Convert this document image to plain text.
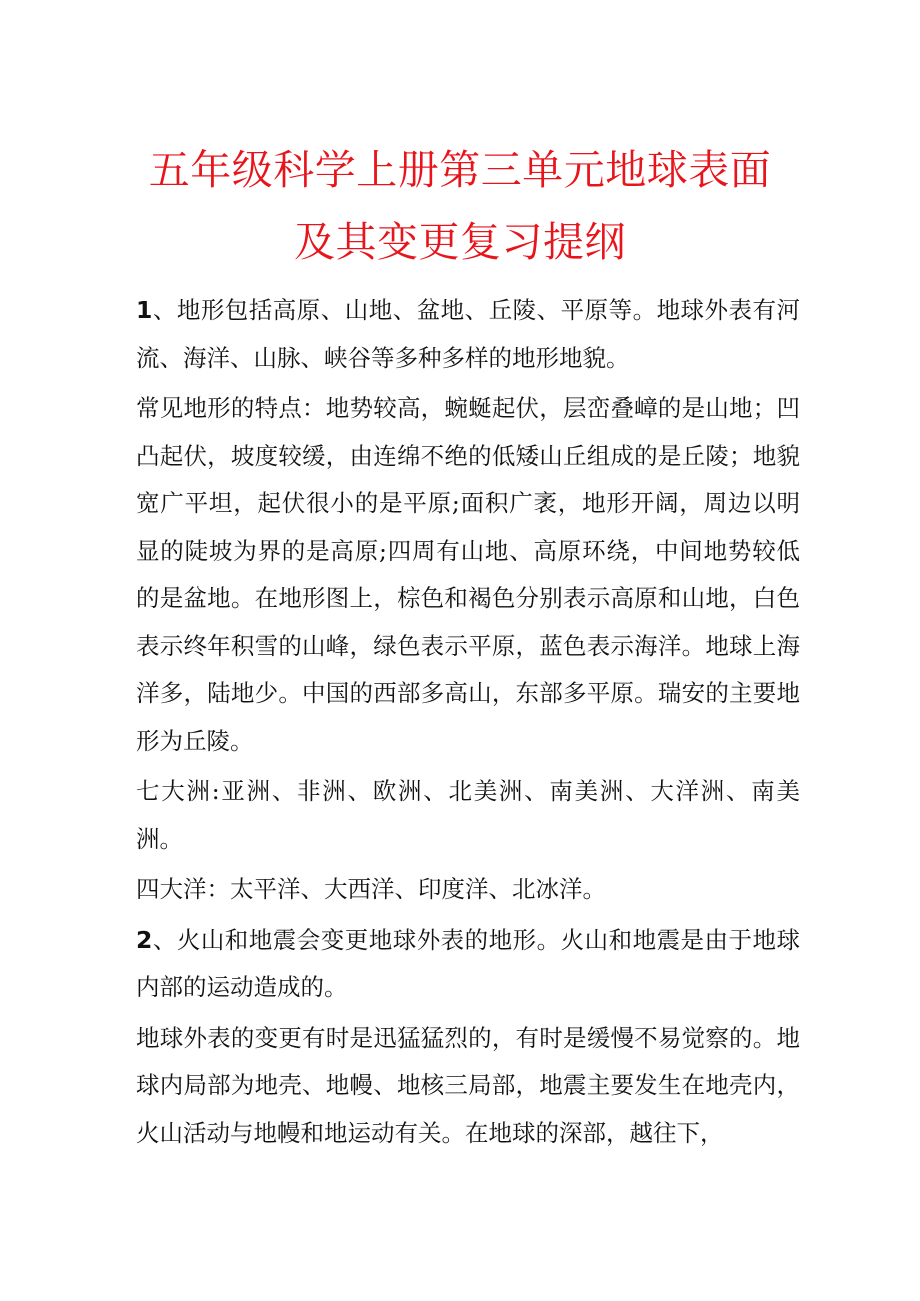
五年级科学上册第三单元地球表面
及其变更复习提纲

1、地形包括高原、山地、盆地、丘陵、平原等。地球外表有河流、海洋、山脉、峡谷等多种多样的地形地貌。

常见地形的特点：地势较高，蜿蜒起伏，层峦叠嶂的是山地；凹凸起伏，坡度较缓，由连绵不绝的低矮山丘组成的是丘陵；地貌宽广平坦，起伏很小的是平原;面积广袤，地形开阔，周边以明显的陡坡为界的是高原;四周有山地、高原环绕，中间地势较低的是盆地。在地形图上，棕色和褐色分别表示高原和山地，白色表示终年积雪的山峰，绿色表示平原，蓝色表示海洋。地球上海洋多，陆地少。中国的西部多高山，东部多平原。瑞安的主要地形为丘陵。

七大洲:亚洲、非洲、欧洲、北美洲、南美洲、大洋洲、南美洲。

四大洋：太平洋、大西洋、印度洋、北冰洋。

2、火山和地震会变更地球外表的地形。火山和地震是由于地球内部的运动造成的。

地球外表的变更有时是迅猛猛烈的，有时是缓慢不易觉察的。地球内局部为地壳、地幔、地核三局部，地震主要发生在地壳内，火山活动与地幔和地运动有关。在地球的深部，越往下，
